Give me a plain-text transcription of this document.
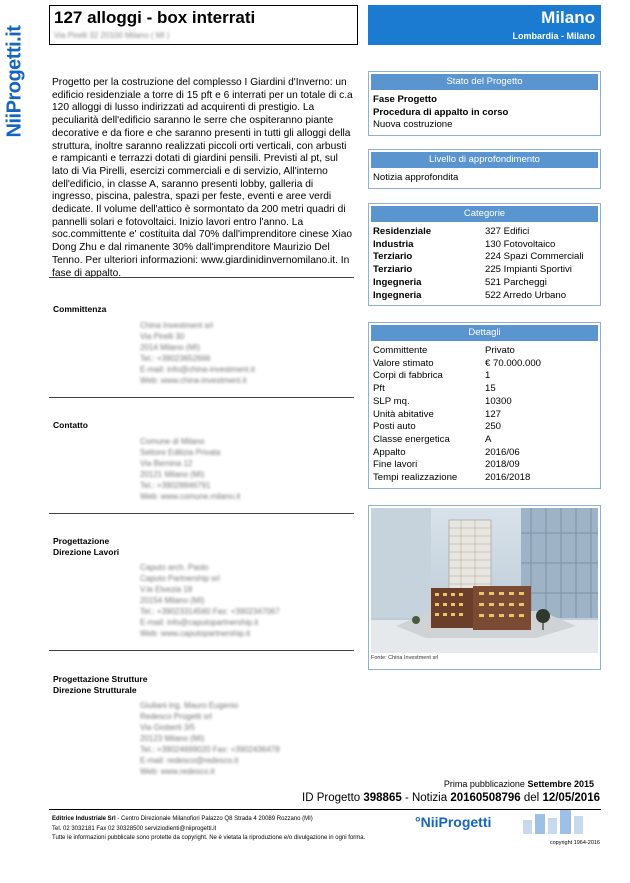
NiiProgetti.it
127 alloggi - box interrati
Via Pirelli 32 20100 Milano ( MI )
Milano
Lombardia - Milano
Progetto per la costruzione del complesso I Giardini d'Inverno: un edificio residenziale a torre di 15 pft e 6 interrati per un totale di c.a 120 alloggi di lusso indirizzati ad acquirenti di prestigio. La peculiarità dell'edificio saranno le serre che ospiteranno piante decorative e da fiore e che saranno presenti in tutti gli alloggi della struttura, inoltre saranno realizzati piccoli orti verticali, con arbusti e rampicanti e terrazzi dotati di giardini pensili. Previsti al pt, sul lato di Via Pirelli, esercizi commerciali e di servizio, All'interno dell'edificio, in classe A, saranno presenti lobby, galleria di ingresso, piscina, palestra, spazi per feste, eventi e aree verdi dedicate. Il volume dell'attico è sormontato da 200 metri quadri di pannelli solari e fotovoltaici. Inizio lavori entro l'anno. La soc.committente e' costituita dal 70% dall'imprenditore cinese Xiao Dong Zhu e dal rimanente 30% dall'imprenditore Maurizio Del Tenno. Per ulteriori informazioni: www.giardinidinvernomilano.it. In fase di appalto.
Committenza
China Investment srl
Via Pirelli 30
2014 Milano (MI)
Tel.: +39023652666
E-mail: info@china-investment.it
Web: www.china-investment.it
Contatto
Comune di Milano
Settore Edilizia Privata
Via Bernina 12
20121 Milano (MI)
Tel.: +39028846791
Web: www.comune.milano.it
Progettazione
Direzione Lavori
Caputo arch. Paolo
Caputo Partnership srl
V.le Elvezia 18
20154 Milano (MI)
Tel.: +39023314560 Fax: +3902347067
E-mail: info@caputopartnership.it
Web: www.caputopartnership.it
Progettazione Strutture
Direzione Strutturale
Giuliani ing. Mauro Eugenio
Redesco Progetti srl
Via Gioberti 3/5
20123 Milano (MI)
Tel.: +39024699020 Fax: +3902436478
E-mail: redesco@redesco.it
Web: www.redesco.it
Stato del Progetto
Fase Progetto
Procedura di appalto in corso
Nuova costruzione
Livello di approfondimento
Notizia approfondita
Categorie
Residenziale	327 Edifici
Industria	130 Fotovoltaico
Terziario	224 Spazi Commerciali
Terziario	225 Impianti Sportivi
Ingegneria	521 Parcheggi
Ingegneria	522 Arredo Urbano
Dettagli
Committente	Privato
Valore stimato	€ 70.000.000
Corpi di fabbrica	1
Pft	15
SLP mq.	10300
Unità abitative	127
Posti auto	250
Classe energetica	A
Appalto	2016/06
Fine lavori	2018/09
Tempi realizzazione	2016/2018
Fonte: China Investment srl
Prima pubblicazione Settembre 2015
ID Progetto 398865 - Notizia 20160508796 del 12/05/2016
Editrice Industriale Srl - Centro Direzionale Milanofiori Palazzo Q8 Strada 4 20089 Rozzano (MI)
Tel. 02 3032181 Fax 02 30328500 serviziodienti@niiprogetti.it
Tutte le informazioni pubblicate sono protette da copyright. Ne è vietata la riproduzione e/o divulgazione in ogni forma.
°NiiProgetti
copyright 1964-2016
